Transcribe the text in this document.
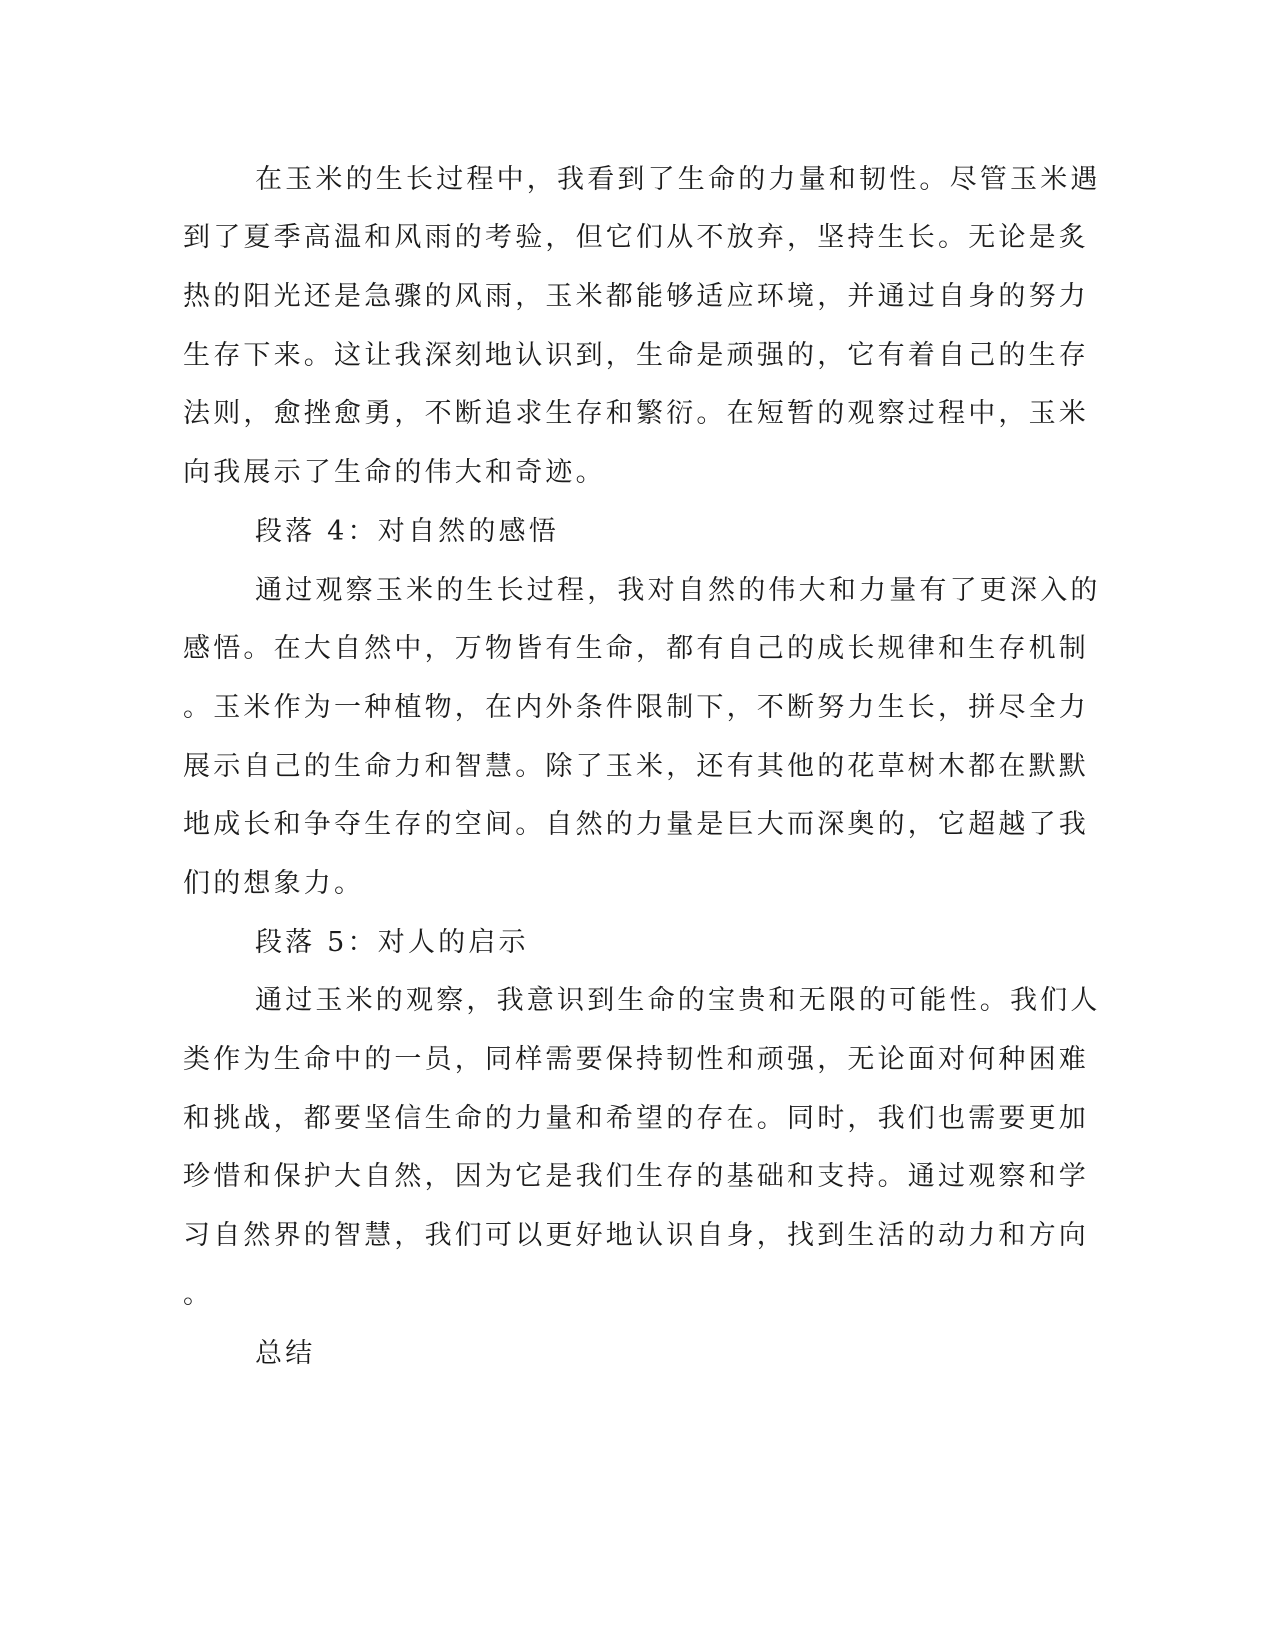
在玉米的生长过程中，我看到了生命的力量和韧性。尽管玉米遇

到了夏季高温和风雨的考验，但它们从不放弃，坚持生长。无论是炙

热的阳光还是急骤的风雨，玉米都能够适应环境，并通过自身的努力

生存下来。这让我深刻地认识到，生命是顽强的，它有着自己的生存

法则，愈挫愈勇，不断追求生存和繁衍。在短暂的观察过程中，玉米

向我展示了生命的伟大和奇迹。

段落 4：对自然的感悟

通过观察玉米的生长过程，我对自然的伟大和力量有了更深入的

感悟。在大自然中，万物皆有生命，都有自己的成长规律和生存机制

。玉米作为一种植物，在内外条件限制下，不断努力生长，拼尽全力

展示自己的生命力和智慧。除了玉米，还有其他的花草树木都在默默

地成长和争夺生存的空间。自然的力量是巨大而深奥的，它超越了我

们的想象力。

段落 5：对人的启示

通过玉米的观察，我意识到生命的宝贵和无限的可能性。我们人

类作为生命中的一员，同样需要保持韧性和顽强，无论面对何种困难

和挑战，都要坚信生命的力量和希望的存在。同时，我们也需要更加

珍惜和保护大自然，因为它是我们生存的基础和支持。通过观察和学

习自然界的智慧，我们可以更好地认识自身，找到生活的动力和方向

。

总结
